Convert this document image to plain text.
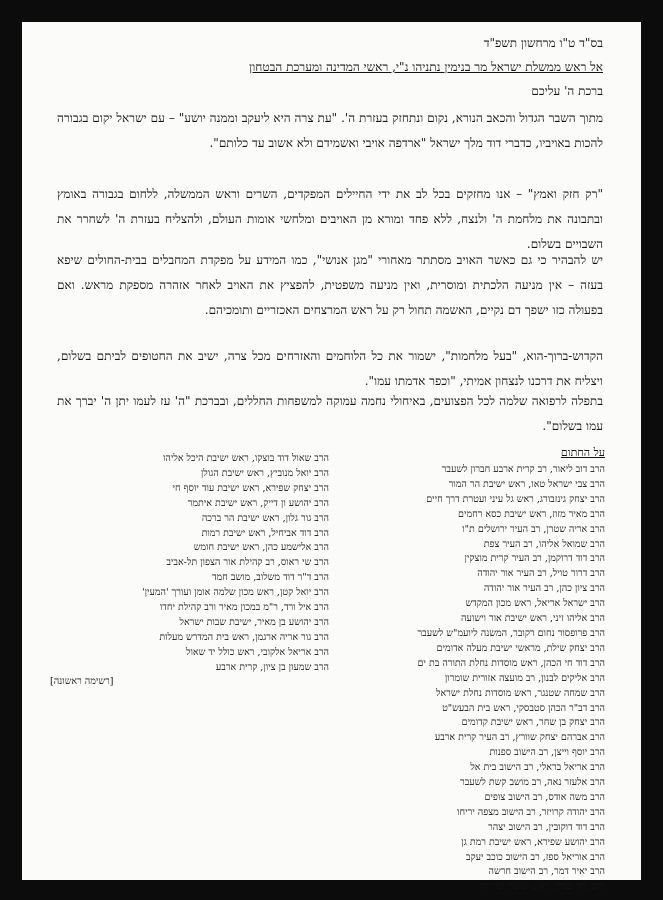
בס"ד ט"ו מרחשון תשפ"ד
אל ראש ממשלת ישראל מר בנימין נתניהו נ"י, ראשי המדינה ומערכת הבטחון
ברכת ה' עליכם

מתוך השבר הגדול והכאב הנורא, נקום ונתחזק בעזרת ה'. "עת צרה היא ליעקב וממנה יושע" – עם ישראל יקום בגבורה להכות באויביו, כדברי דוד מלך ישראל "ארדפה אויבי ואשמידם ולא אשוב עד כלותם".

"רק חזק ואמץ" – אנו מחזקים בכל לב את ידי החיילים המפקדים, השרים וראש הממשלה, ללחום בגבורה באומץ ובתבונה את מלחמת ה' ולנצח, ללא פחד ומורא מן האויבים ומלחשי אומות העולם, ולהצליח בעזרת ה' לשחרר את השבויים בשלום.

יש להבהיר כי גם כאשר האויב מסתתר מאחורי "מגן אנושי", כמו המידע על מפקדת המחבלים בבית-החולים שיפא בעזה – אין מניעה הלכתית ומוסרית, ואין מניעה משפטית, להפציץ את האויב לאחר אזהרה מספקת מראש. ואם בפעולה כזו ישפך דם נקיים, האשמה תחול רק על ראש המרצחים האכזריים ותומכיהם.

הקדוש-ברוך-הוא, "בעל מלחמות", ישמור את כל הלוחמים והאזרחים מכל צרה, ישיב את החטופים לביתם בשלום, ויצליח את דרכנו לנצחון אמיתי, "וכפר אדמתו עמו".

בתפלה לרפואה שלמה לכל הפצועים, באיחולי נחמה עמוקה למשפחות החללים, ובברכת "ה' עז לעמו יתן ה' יברך את עמו בשלום".

על החתום
הרב דוב ליאור, רב קרית ארבע חברון לשעבר
הרב צבי ישראל טאו, ראש ישיבת הר המור
הרב יצחק גינזבורג, ראש גל עיני ועטרת דרך חיים
הרב מאיר מזוז, ראש ישיבת כסא רחמים
הרב אריה שטרן, רב העיר ירושלים ת"ו
הרב שמואל אליהו, רב העיר צפת
הרב דוד דרוקמן, רב העיר קרית מוצקין
הרב דרור טויל, רב העיר אור יהודה
הרב ציון כהן, רב העיר אור יהודה
הרב ישראל אריאל, ראש מכון המקדש
הרב אליהו זיני, ראש ישיבת אור וישועה
הרב פרופסור נחום רקובר, המשנה ליועמ"ש לשעבר
הרב יצחק שילת, מראשי ישיבת מעלה אדומים
הרב דוד חי הכהן, ראש מוסדות נחלת התורה בת ים
הרב אליקים לבנון, רב מועצה אזורית שומרון
הרב שמחה שטנגר, ראש מוסדות נחלת ישראל
הרב דב"ר הכהן סטבסקי, ראש בית הבעש"ט
הרב יצחק בן שחר, ראש ישיבת קדומים
הרב אברהם יצחק שוורץ, רב העיר קרית ארבע
הרב יוסף וייצן, רב הישוב ספנות
הרב אריאל בראלי, רב הישוב בית אל
הרב אלעזר נאה, רב מושב קשת לשעבר
הרב משה אודס, רב הישוב צופים
הרב יהודה קרויזר, רב הישוב מצפה יריחו
הרב דוד דוקובין, רב הישוב יצהר
הרב יהושע שפירא, ראש ישיבת רמת גן
הרב אוריאל ספז, רב הישוב כוכב יעקב
הרב יאיר דמר, רב הישוב חרשה
הרב דוד פנדל, ראש ישיבת שדרות
הרב שאול דוד בוצקו, ראש ישיבת היכל אליהו
הרב יואל מנוביץ, ראש ישיבת הגולן
הרב יצחק שפירא, ראש ישיבת עוד יוסף חי
הרב יהושע ון דייק, ראש ישיבת איתמר
הרב גור גלון, ראש ישיבת הר ברכה
הרב דוד אביחיל, ראש ישיבת רמות
הרב אלישמע כהן, ראש ישיבת חומש
הרב שי ראוס, רב קהילת אור הצפון תל-אביב
הרב ד"ר דוד משלוב, מושב חמד
הרב יואל קטן, ראש מכון שלמה אומן ועורך 'המעין'
הרב איל ורד, ר"מ במכון מאיר ורב קהילת יחדו
הרב יהושע בן מאיר, ישיבת שבות ישראל
הרב גור אריה ארגמן, ראש בית המדרש מעלות
הרב אריאל אלקובי, ראש כולל יד שאול
הרב שמעון בן ציון, קרית ארבע
[רשימה ראשונה]
